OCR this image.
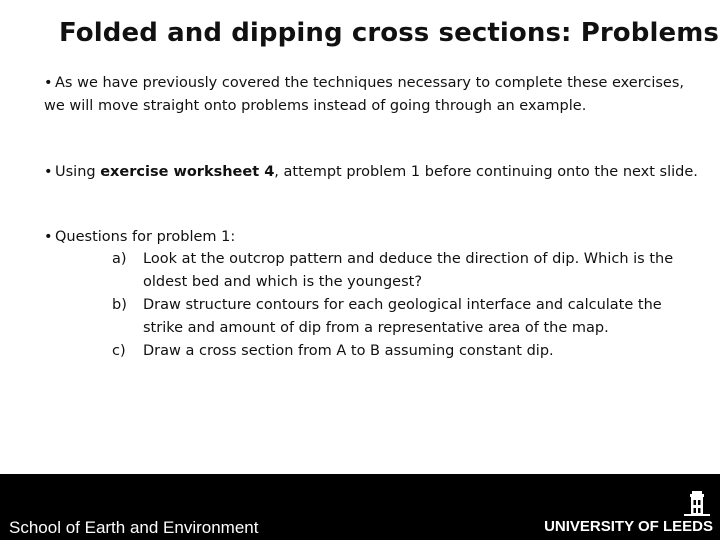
Folded and dipping cross sections: Problems

• As we have previously covered the techniques necessary to complete these exercises, we will move straight onto problems instead of going through an example.

• Using exercise worksheet 4, attempt problem 1 before continuing onto the next slide.

• Questions for problem 1:

a)	Look at the outcrop pattern and deduce the direction of dip. Which is the oldest bed and which is the youngest?
b)	Draw structure contours for each geological interface and calculate the strike and amount of dip from a representative area of the map.
c)	Draw a cross section from A to B assuming constant dip.
School of Earth and Environment	UNIVERSITY OF LEEDS
